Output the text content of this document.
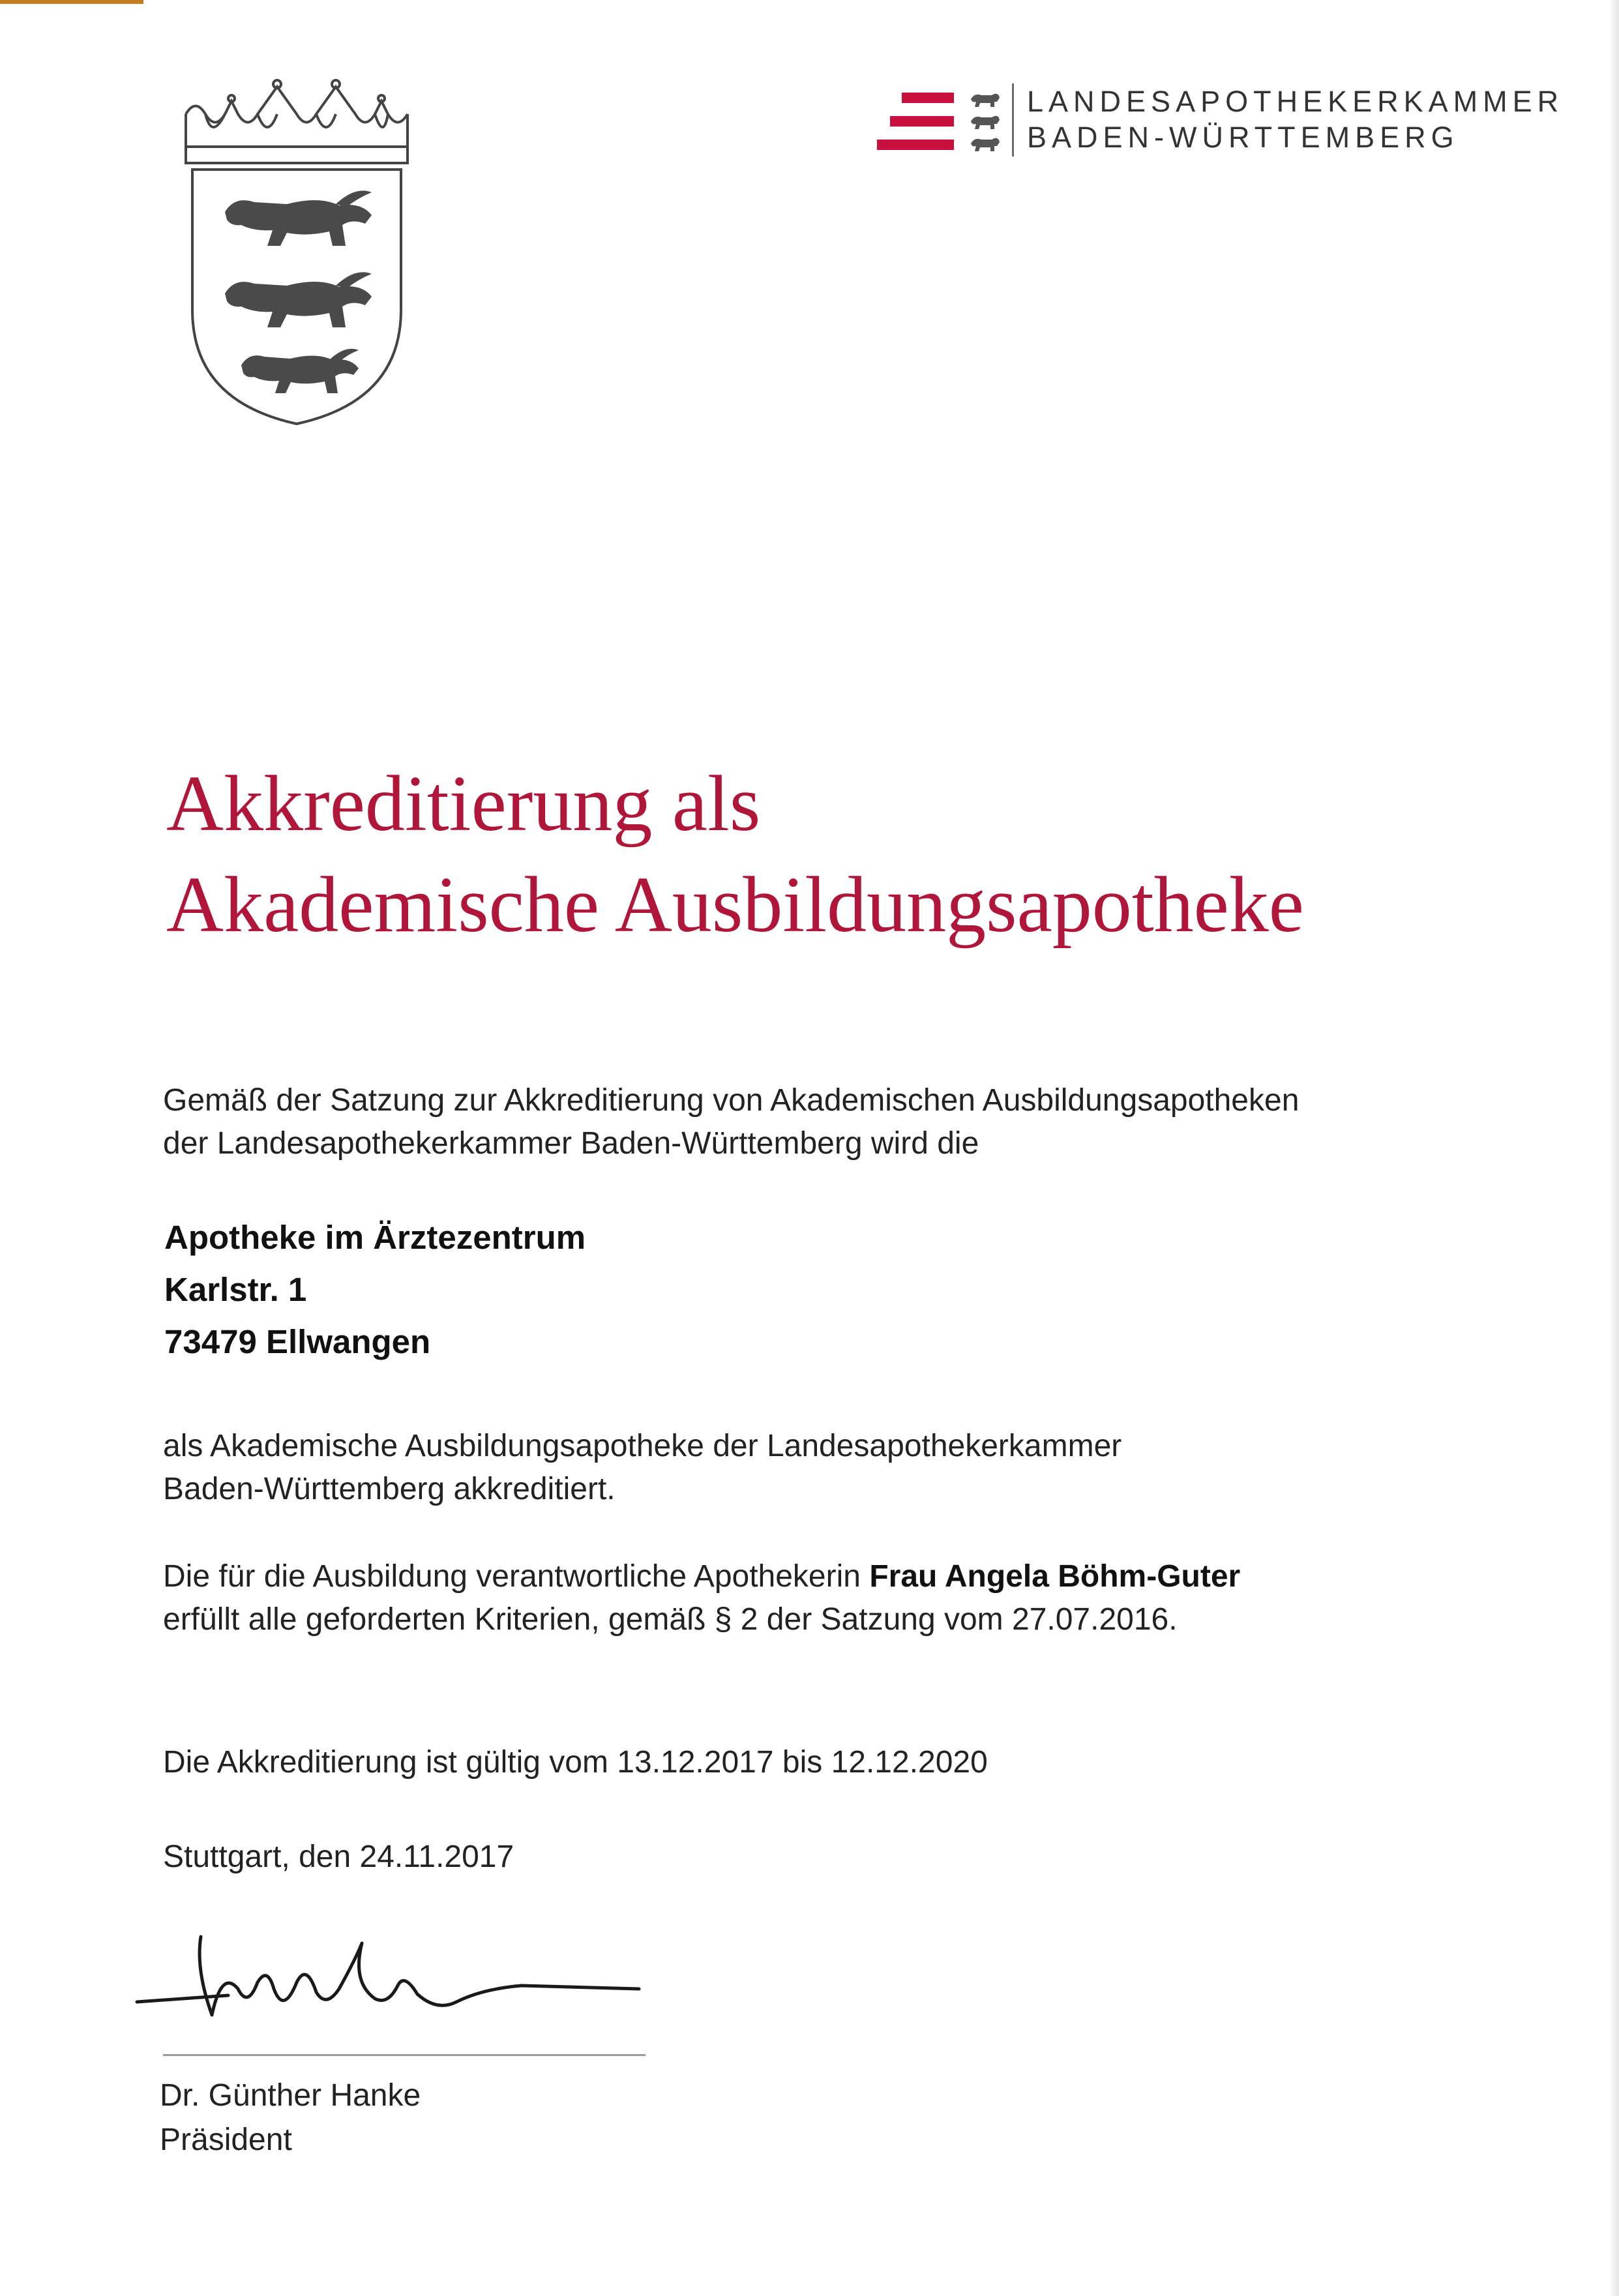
LANDESAPOTHEKERKAMMER
BADEN-WÜRTTEMBERG
Akkreditierung als
Akademische Ausbildungsapotheke

Gemäß der Satzung zur Akkreditierung von Akademischen Ausbildungsapotheken
der Landesapothekerkammer Baden-Württemberg wird die

Apotheke im Ärztezentrum
Karlstr. 1
73479 Ellwangen

als Akademische Ausbildungsapotheke der Landesapothekerkammer
Baden-Württemberg akkreditiert.

Die für die Ausbildung verantwortliche Apothekerin Frau Angela Böhm-Guter
erfüllt alle geforderten Kriterien, gemäß § 2 der Satzung vom 27.07.2016.

Die Akkreditierung ist gültig vom 13.12.2017 bis 12.12.2020

Stuttgart, den 24.11.2017

Dr. Günther Hanke
Präsident
